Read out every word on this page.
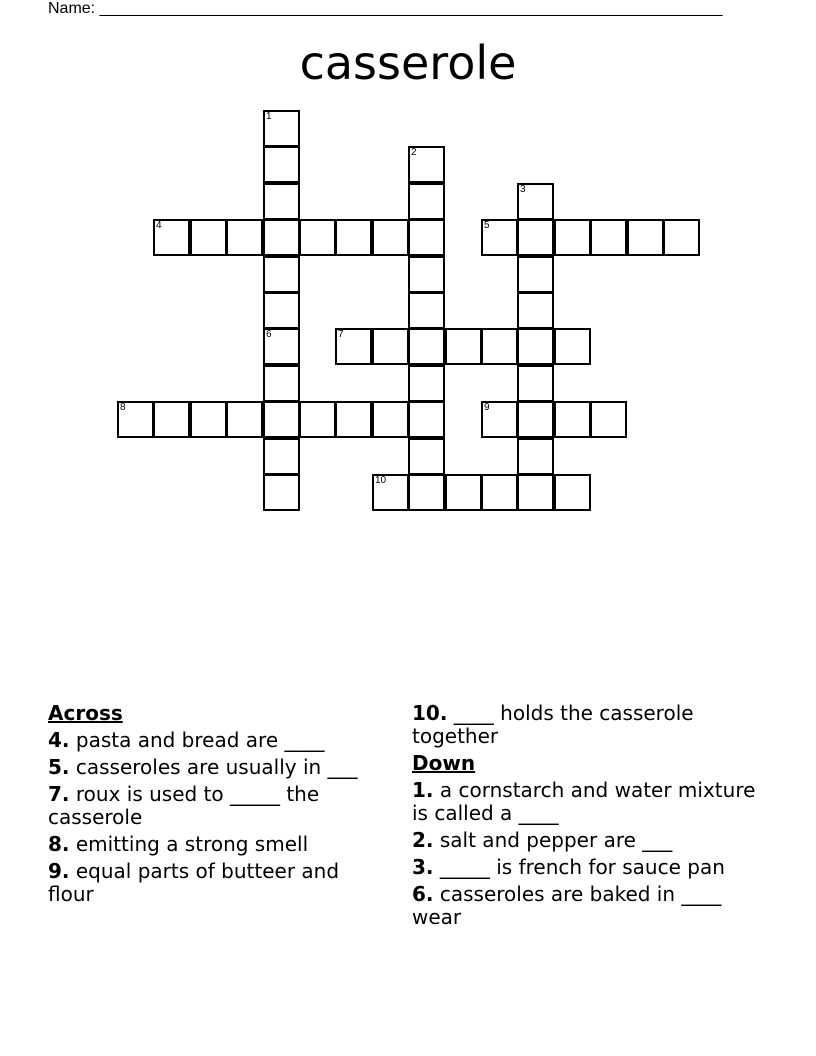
Name: ______________________________________________________________________
casserole
4	5
7
8	9
10
1
2
3
6
Across
4. pasta and bread are ____
5. casseroles are usually in ___
7. roux is used to _____ the casserole
8. emitting a strong smell
9. equal parts of butteer and flour
10. ____ holds the casserole together
Down
1. a cornstarch and water mixture is called a ____
2. salt and pepper are ___
3. _____ is french for sauce pan
6. casseroles are baked in ____ wear
